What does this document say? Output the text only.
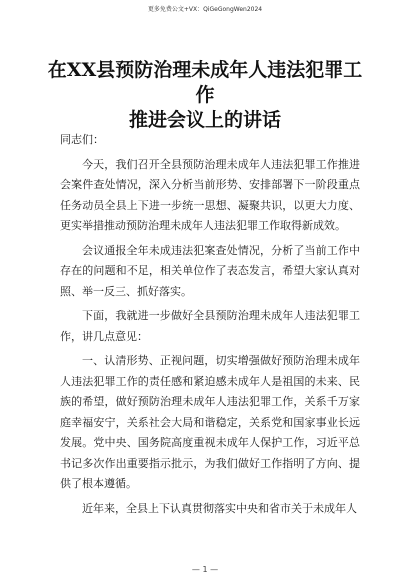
更多免费公文+VX：QiGeGongWen2024
在XX县预防治理未成年人违法犯罪工作
推进会议上的讲话

同志们：

今天，我们召开全县预防治理未成年人违法犯罪工作推进会案件查处情况，深入分析当前形势、安排部署下一阶段重点任务动员全县上下进一步统一思想、凝聚共识，以更大力度、更实举措推动预防治理未成年人违法犯罪工作取得新成效。

会议通报全年未成违法犯案查处情况，分析了当前工作中存在的问题和不足，相关单位作了表态发言，希望大家认真对照、举一反三、抓好落实。

下面，我就进一步做好全县预防治理未成年人违法犯罪工作，讲几点意见：

一、认清形势、正视问题，切实增强做好预防治理未成年人违法犯罪工作的责任感和紧迫感未成年人是祖国的未来、民族的希望，做好预防治理未成年人违法犯罪工作，关系千万家庭幸福安宁，关系社会大局和谐稳定，关系党和国家事业长远发展。党中央、国务院高度重视未成年人保护工作，习近平总书记多次作出重要指示批示，为我们做好工作指明了方向、提供了根本遵循。

近年来，全县上下认真贯彻落实中央和省市关于未成年人

— 1 —
